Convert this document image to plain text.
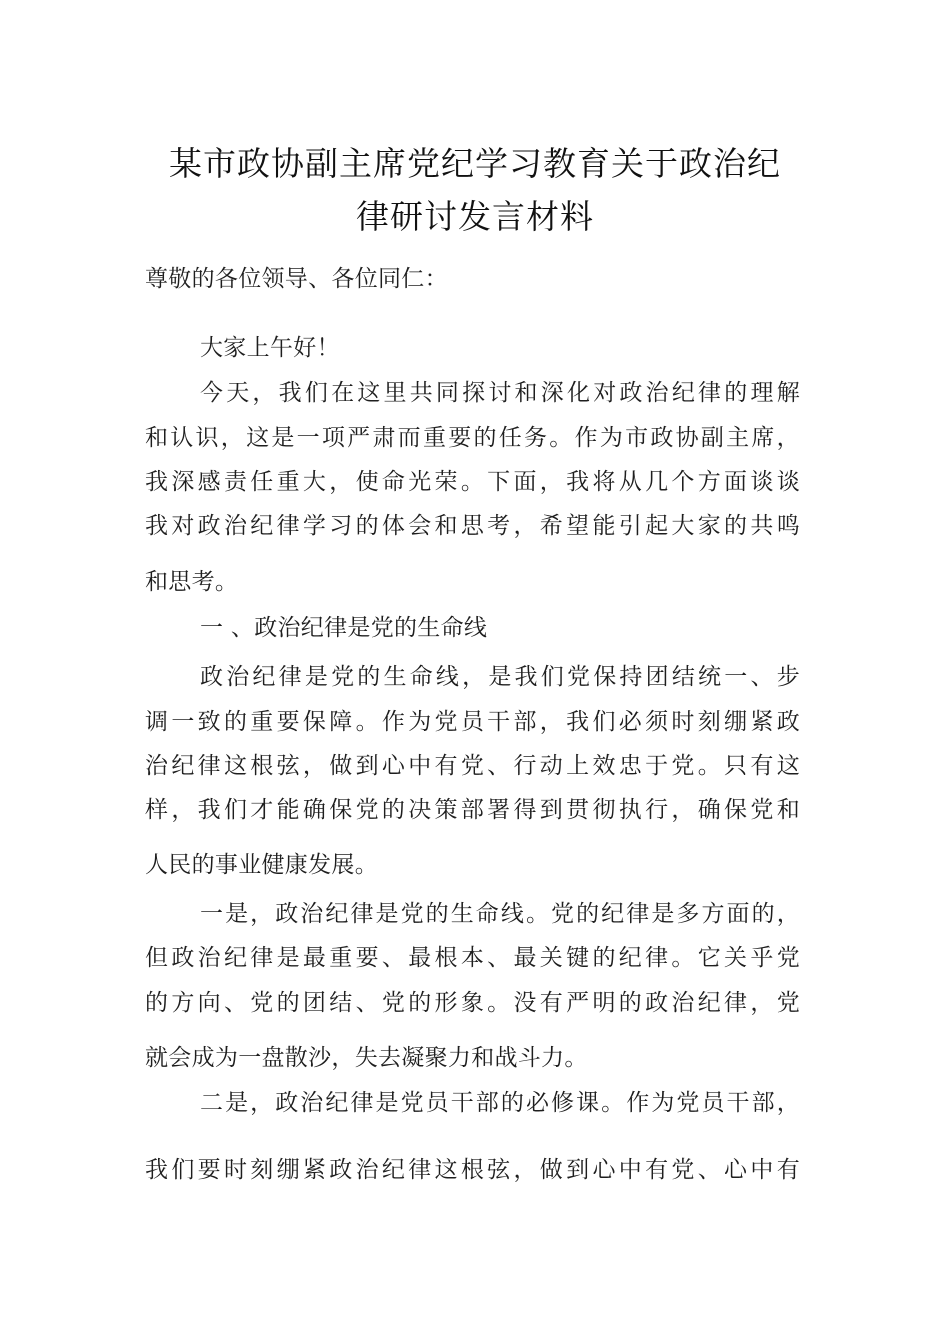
某市政协副主席党纪学习教育关于政治纪
律研讨发言材料
尊敬的各位领导、各位同仁：
大家上午好！
今天，我们在这里共同探讨和深化对政治纪律的理解
和认识，这是一项严肃而重要的任务。作为市政协副主席，
我深感责任重大，使命光荣。下面，我将从几个方面谈谈
我对政治纪律学习的体会和思考，希望能引起大家的共鸣
和思考。
一 、政治纪律是党的生命线
政治纪律是党的生命线，是我们党保持团结统一、步
调一致的重要保障。作为党员干部，我们必须时刻绷紧政
治纪律这根弦，做到心中有党、行动上效忠于党。只有这
样，我们才能确保党的决策部署得到贯彻执行，确保党和
人民的事业健康发展。
一是，政治纪律是党的生命线。党的纪律是多方面的，
但政治纪律是最重要、最根本、最关键的纪律。它关乎党
的方向、党的团结、党的形象。没有严明的政治纪律，党
就会成为一盘散沙，失去凝聚力和战斗力。
二是，政治纪律是党员干部的必修课。作为党员干部，
我们要时刻绷紧政治纪律这根弦，做到心中有党、心中有
